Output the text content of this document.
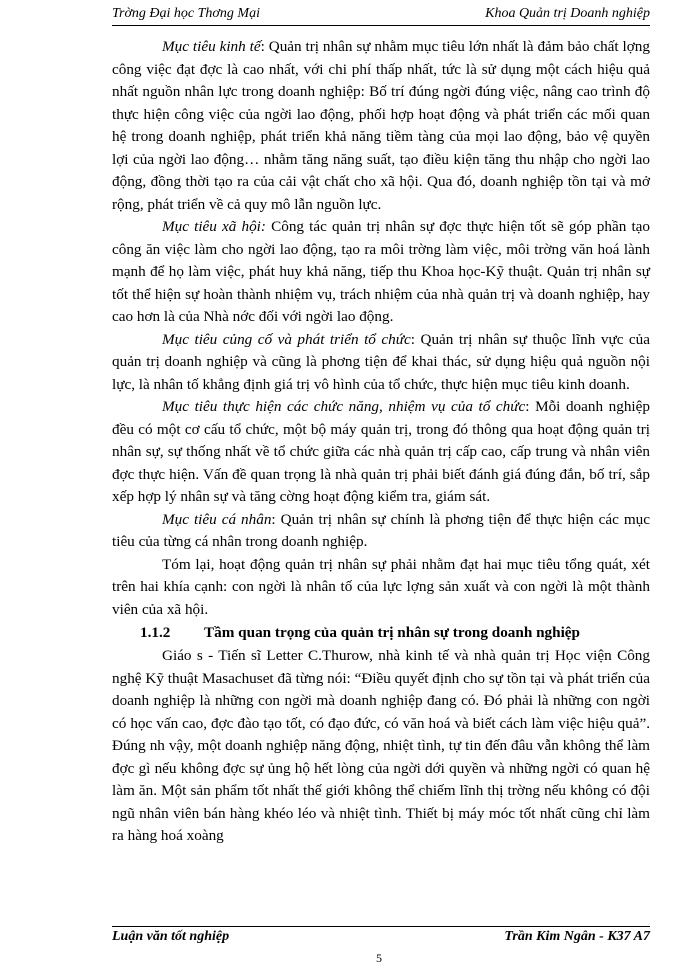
Trờng Đại học Thơng Mại	Khoa Quản trị Doanh nghiệp

Mục tiêu kinh tế: Quản trị nhân sự nhằm mục tiêu lớn nhất là đảm bảo chất lợng công việc đạt đợc là cao nhất, với chi phí thấp nhất, tức là sử dụng một cách hiệu quả nhất nguồn nhân lực trong doanh nghiệp: Bố trí đúng ngời đúng việc, nâng cao trình độ thực hiện công việc của ngời lao động, phối hợp hoạt động và phát triển các mối quan hệ trong doanh nghiệp, phát triển khả năng tiềm tàng của mọi lao động, bảo vệ quyền lợi của ngời lao động… nhằm tăng năng suất, tạo điều kiện tăng thu nhập cho ngời lao động, đồng thời tạo ra của cải vật chất cho xã hội. Qua đó, doanh nghiệp tồn tại và mở rộng, phát triển về cả quy mô lẫn nguồn lực.

Mục tiêu xã hội: Công tác quản trị nhân sự đợc thực hiện tốt sẽ góp phần tạo công ăn việc làm cho ngời lao động, tạo ra môi trờng làm việc, môi trờng văn hoá lành mạnh để họ làm việc, phát huy khả năng, tiếp thu Khoa học-Kỹ thuật. Quản trị nhân sự tốt thể hiện sự hoàn thành nhiệm vụ, trách nhiệm của nhà quản trị và doanh nghiệp, hay cao hơn là của Nhà nớc đối với ngời lao động.

Mục tiêu củng cố và phát triển tổ chức: Quản trị nhân sự thuộc lĩnh vực của quản trị doanh nghiệp và cũng là phơng tiện để khai thác, sử dụng hiệu quả nguồn nội lực, là nhân tố khẳng định giá trị vô hình của tổ chức, thực hiện mục tiêu kinh doanh.

Mục tiêu thực hiện các chức năng, nhiệm vụ của tổ chức: Mỗi doanh nghiệp đều có một cơ cấu tổ chức, một bộ máy quản trị, trong đó thông qua hoạt động quản trị nhân sự, sự thống nhất về tổ chức giữa các nhà quản trị cấp cao, cấp trung và nhân viên đợc thực hiện. Vấn đề quan trọng là nhà quản trị phải biết đánh giá đúng đắn, bố trí, sắp xếp hợp lý nhân sự và tăng cờng hoạt động kiểm tra, giám sát.

Mục tiêu cá nhân: Quản trị nhân sự chính là phơng tiện để thực hiện các mục tiêu của từng cá nhân trong doanh nghiệp.

Tóm lại, hoạt động quản trị nhân sự phải nhằm đạt hai mục tiêu tổng quát, xét trên hai khía cạnh: con ngời là nhân tố của lực lợng sản xuất và con ngời là một thành viên của xã hội.

1.1.2 Tầm quan trọng của quản trị nhân sự trong doanh nghiệp

Giáo s - Tiến sĩ Letter C.Thurow, nhà kinh tế và nhà quản trị Học viện Công nghệ Kỹ thuật Masachuset đã từng nói: “Điều quyết định cho sự tồn tại và phát triển của doanh nghiệp là những con ngời mà doanh nghiệp đang có. Đó phải là những con ngời có học vấn cao, đợc đào tạo tốt, có đạo đức, có văn hoá và biết cách làm việc hiệu quả”. Đúng nh vậy, một doanh nghiệp năng động, nhiệt tình, tự tin đến đâu vẫn không thể làm đợc gì nếu không đợc sự ủng hộ hết lòng của ngời dới quyền và những ngời có quan hệ làm ăn. Một sản phẩm tốt nhất thế giới không thể chiếm lĩnh thị trờng nếu không có đội ngũ nhân viên bán hàng khéo léo và nhiệt tình. Thiết bị máy móc tốt nhất cũng chỉ làm ra hàng hoá xoàng

Luận văn tốt nghiệp	Trần Kim Ngân - K37 A7
5
